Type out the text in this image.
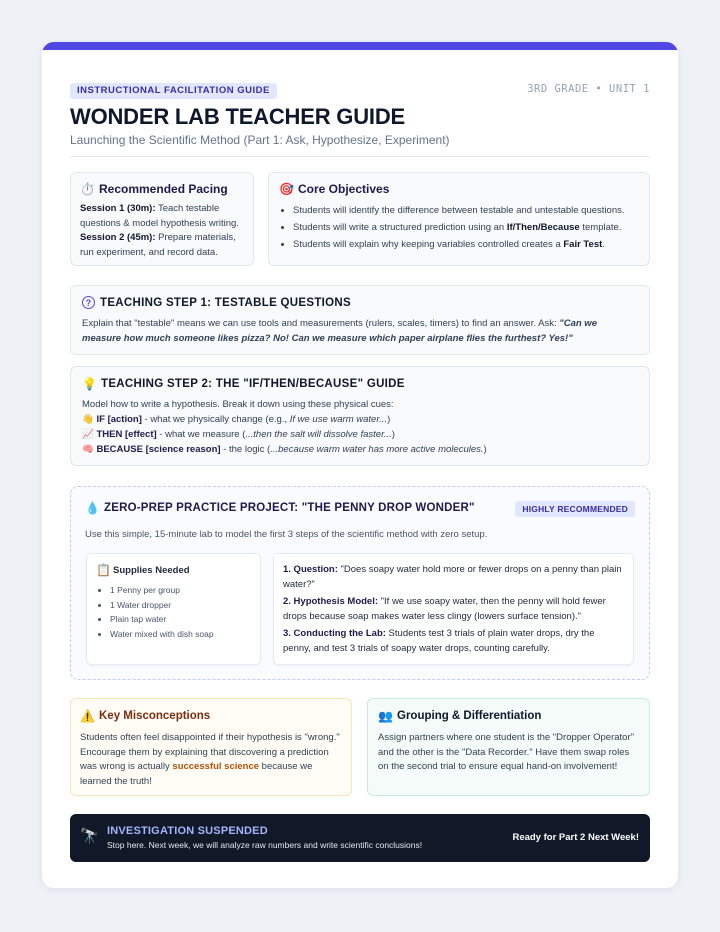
INSTRUCTIONAL FACILITATION GUIDE	3RD GRADE • UNIT 1
WONDER LAB TEACHER GUIDE
Launching the Scientific Method (Part 1: Ask, Hypothesize, Experiment)
⏱️ Recommended Pacing

Session 1 (30m): Teach testable questions & model hypothesis writing.
Session 2 (45m): Prepare materials, run experiment, and record data.

🎯 Core Objectives
• Students will identify the difference between testable and untestable questions.
• Students will write a structured prediction using an If/Then/Because template.
• Students will explain why keeping variables controlled creates a Fair Test.
? TEACHING STEP 1: TESTABLE QUESTIONS

Explain that "testable" means we can use tools and measurements (rulers, scales, timers) to find an answer. Ask: "Can we measure how much someone likes pizza? No! Can we measure which paper airplane flies the furthest? Yes!"

💡 TEACHING STEP 2: THE "IF/THEN/BECAUSE" GUIDE

Model how to write a hypothesis. Break it down using these physical cues:
👋 IF [action] - what we physically change (e.g., If we use warm water...)
📈 THEN [effect] - what we measure (...then the salt will dissolve faster...)
🧠 BECAUSE [science reason] - the logic (...because warm water has more active molecules.)

💧 ZERO-PREP PRACTICE PROJECT: "THE PENNY DROP WONDER"	HIGHLY RECOMMENDED
Use this simple, 15-minute lab to model the first 3 steps of the scientific method with zero setup.
📋 Supplies Needed
• 1 Penny per group
• 1 Water dropper
• Plain tap water
• Water mixed with dish soap

1. Question: "Does soapy water hold more or fewer drops on a penny than plain water?"

2. Hypothesis Model: "If we use soapy water, then the penny will hold fewer drops because soap makes water less clingy (lowers surface tension)."

3. Conducting the Lab: Students test 3 trials of plain water drops, dry the penny, and test 3 trials of soapy water drops, counting carefully.

⚠️ Key Misconceptions

Students often feel disappointed if their hypothesis is "wrong." Encourage them by explaining that discovering a prediction was wrong is actually successful science because we learned the truth!

👥 Grouping & Differentiation

Assign partners where one student is the "Dropper Operator" and the other is the "Data Recorder." Have them swap roles on the second trial to ensure equal hand-on involvement!

🔭 INVESTIGATION SUSPENDED
Stop here. Next week, we will analyze raw numbers and write scientific conclusions!
Ready for Part 2 Next Week!
